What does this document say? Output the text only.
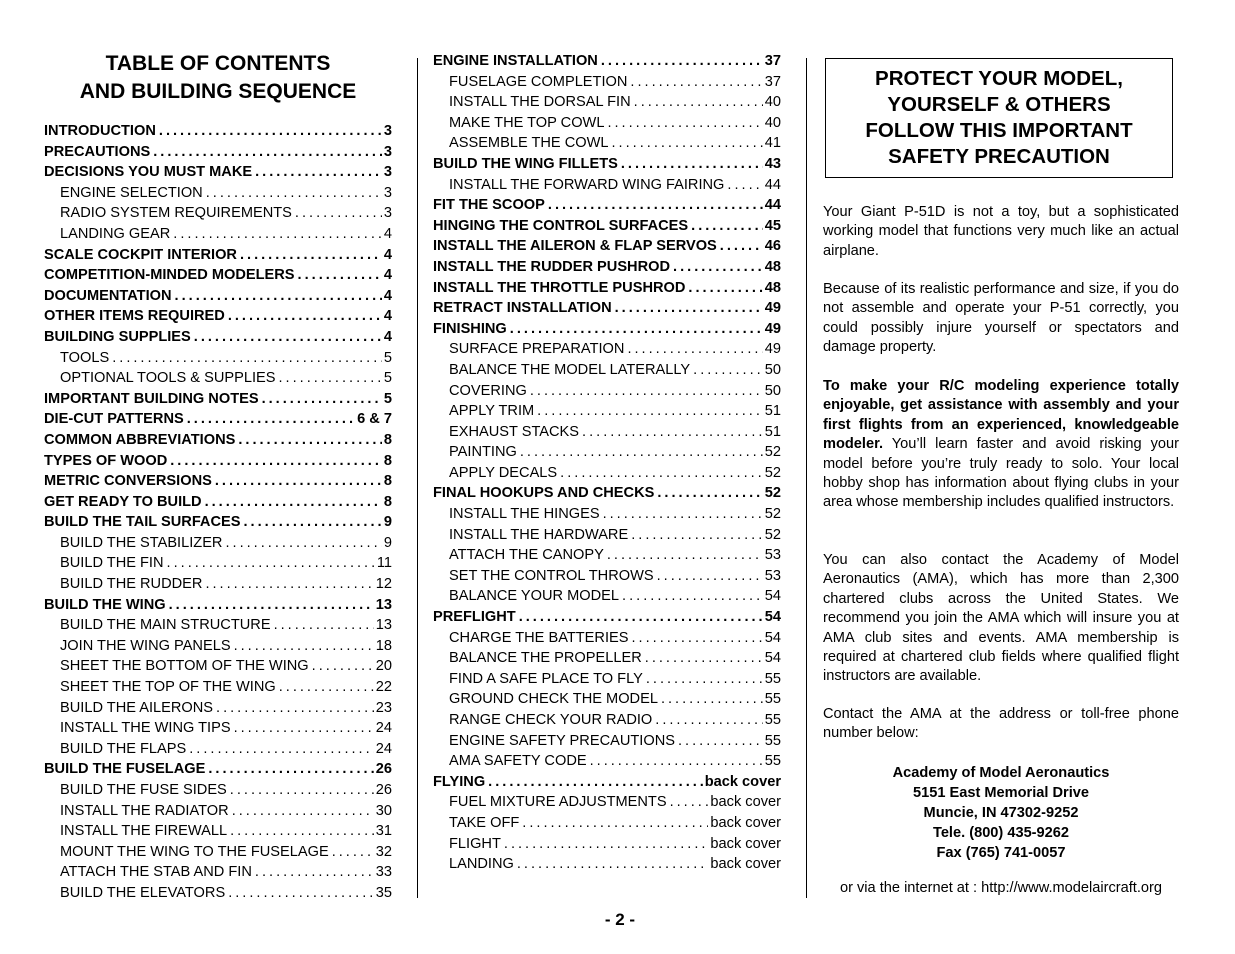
TABLE OF CONTENTS
AND BUILDING SEQUENCE
INTRODUCTION .....	3
PRECAUTIONS .....	3
DECISIONS YOU MUST MAKE .....	3
ENGINE SELECTION .....	3
RADIO SYSTEM REQUIREMENTS .....	3
LANDING GEAR .....	4
SCALE COCKPIT INTERIOR .....	4
COMPETITION-MINDED MODELERS .....	4
DOCUMENTATION .....	4
OTHER ITEMS REQUIRED .....	4
BUILDING SUPPLIES .....	4
TOOLS .....	5
OPTIONAL TOOLS & SUPPLIES .....	5
IMPORTANT BUILDING NOTES .....	5
DIE-CUT PATTERNS .....	6 & 7
COMMON ABBREVIATIONS .....	8
TYPES OF WOOD .....	8
METRIC CONVERSIONS .....	8
GET READY TO BUILD .....	8
BUILD THE TAIL SURFACES .....	9
BUILD THE STABILIZER .....	9
BUILD THE FIN .....	11
BUILD THE RUDDER .....	12
BUILD THE WING .....	13
BUILD THE MAIN STRUCTURE .....	13
JOIN THE WING PANELS .....	18
SHEET THE BOTTOM OF THE WING .....	20
SHEET THE TOP OF THE WING .....	22
BUILD THE AILERONS .....	23
INSTALL THE WING TIPS .....	24
BUILD THE FLAPS .....	24
BUILD THE FUSELAGE .....	26
BUILD THE FUSE SIDES .....	26
INSTALL THE RADIATOR .....	30
INSTALL THE FIREWALL .....	31
MOUNT THE WING TO THE FUSELAGE .....	32
ATTACH THE STAB AND FIN .....	33
BUILD THE ELEVATORS .....	35
ENGINE INSTALLATION .....	37
FUSELAGE COMPLETION .....	37
INSTALL THE DORSAL FIN .....	40
MAKE THE TOP COWL .....	40
ASSEMBLE THE COWL .....	41
BUILD THE WING FILLETS .....	43
INSTALL THE FORWARD WING FAIRING .....	44
FIT THE SCOOP .....	44
HINGING THE CONTROL SURFACES .....	45
INSTALL THE AILERON & FLAP SERVOS .....	46
INSTALL THE RUDDER PUSHROD .....	48
INSTALL THE THROTTLE PUSHROD .....	48
RETRACT INSTALLATION .....	49
FINISHING .....	49
SURFACE PREPARATION .....	49
BALANCE THE MODEL LATERALLY .....	50
COVERING .....	50
APPLY TRIM .....	51
EXHAUST STACKS .....	51
PAINTING .....	52
APPLY DECALS .....	52
FINAL HOOKUPS AND CHECKS .....	52
INSTALL THE HINGES .....	52
INSTALL THE HARDWARE .....	52
ATTACH THE CANOPY .....	53
SET THE CONTROL THROWS .....	53
BALANCE YOUR MODEL .....	54
PREFLIGHT .....	54
CHARGE THE BATTERIES .....	54
BALANCE THE PROPELLER .....	54
FIND A SAFE PLACE TO FLY .....	55
GROUND CHECK THE MODEL .....	55
RANGE CHECK YOUR RADIO .....	55
ENGINE SAFETY PRECAUTIONS .....	55
AMA SAFETY CODE .....	55
FLYING .....	back cover
FUEL MIXTURE ADJUSTMENTS .....	back cover
TAKE OFF .....	back cover
FLIGHT .....	back cover
LANDING .....	back cover
PROTECT YOUR MODEL,
YOURSELF & OTHERS
FOLLOW THIS IMPORTANT
SAFETY PRECAUTION
Your Giant P-51D is not a toy, but a sophisticated working model that functions very much like an actual airplane.
Because of its realistic performance and size, if you do not assemble and operate your P-51 correctly, you could possibly injure yourself or spectators and damage property.
To make your R/C modeling experience totally enjoyable, get assistance with assembly and your first flights from an experienced, knowledgeable modeler. You’ll learn faster and avoid risking your model before you’re truly ready to solo. Your local hobby shop has information about flying clubs in your area whose membership includes qualified instructors.
You can also contact the Academy of Model Aeronautics (AMA), which has more than 2,300 chartered clubs across the United States. We recommend you join the AMA which will insure you at AMA club sites and events. AMA membership is required at chartered club fields where qualified flight instructors are available.
Contact the AMA at the address or toll-free phone number below:
Academy of Model Aeronautics
5151 East Memorial Drive
Muncie, IN 47302-9252
Tele. (800) 435-9262
Fax (765) 741-0057
or via the internet at : http://www.modelaircraft.org
- 2 -
